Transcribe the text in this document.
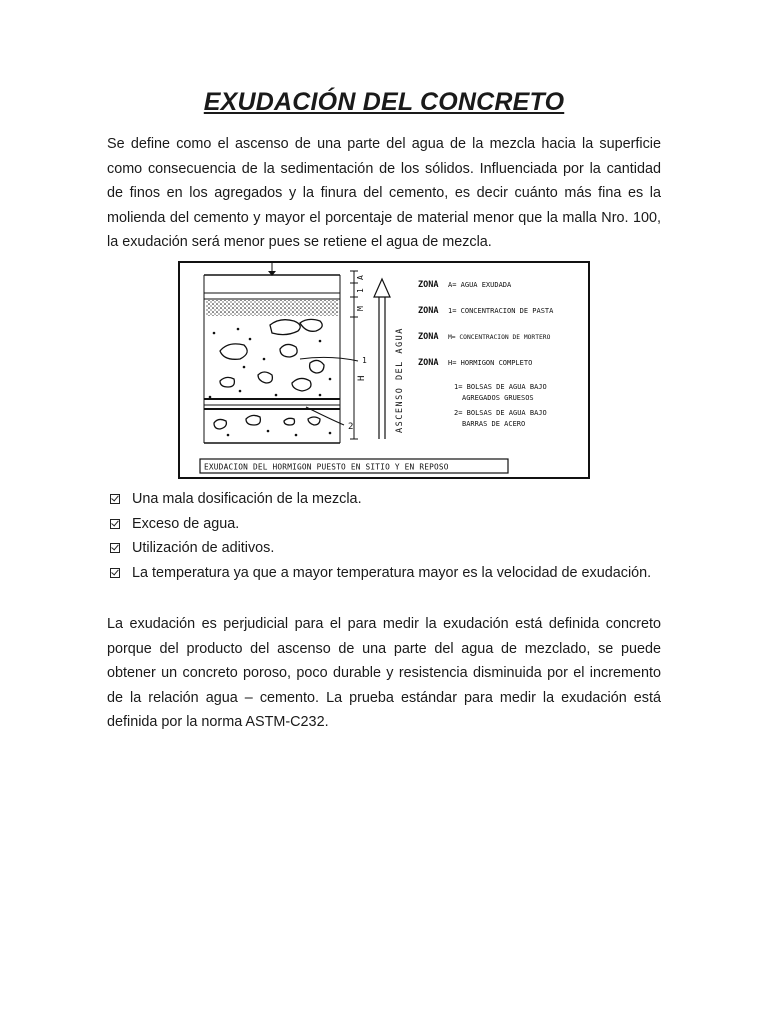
EXUDACIÓN DEL CONCRETO

Se define como el ascenso de una parte del agua de la mezcla hacia la superficie como consecuencia de la sedimentación de los sólidos. Influenciada por la cantidad de finos en los agregados y la finura del cemento, es decir cuánto más fina es la molienda del cemento y mayor el porcentaje de material menor que la malla Nro. 100, la exudación será menor pues se retiene el agua de mezcla.

1
2
A
1
M
H	ASCENSO DEL AGUA
ZONA A= AGUA EXUDADA
ZONA 1= CONCENTRACION DE PASTA
ZONA M= CONCENTRACION DE MORTERO
ZONA H= HORMIGON COMPLETO
1= BOLSAS DE AGUA BAJO
AGREGADOS GRUESOS
2= BOLSAS DE AGUA BAJO
BARRAS DE ACERO
EXUDACION DEL HORMIGON PUESTO EN SITIO Y EN REPOSO
Una mala dosificación de la mezcla.
Exceso de agua.
Utilización de aditivos.
La temperatura ya que a mayor temperatura mayor es la velocidad de exudación.

La exudación es perjudicial para el para medir la exudación está definida concreto porque del producto del ascenso de una parte del agua de mezclado, se puede obtener un concreto poroso, poco durable y resistencia disminuida por el incremento de la relación agua – cemento. La prueba estándar para medir la exudación está definida por la norma ASTM-C232.
